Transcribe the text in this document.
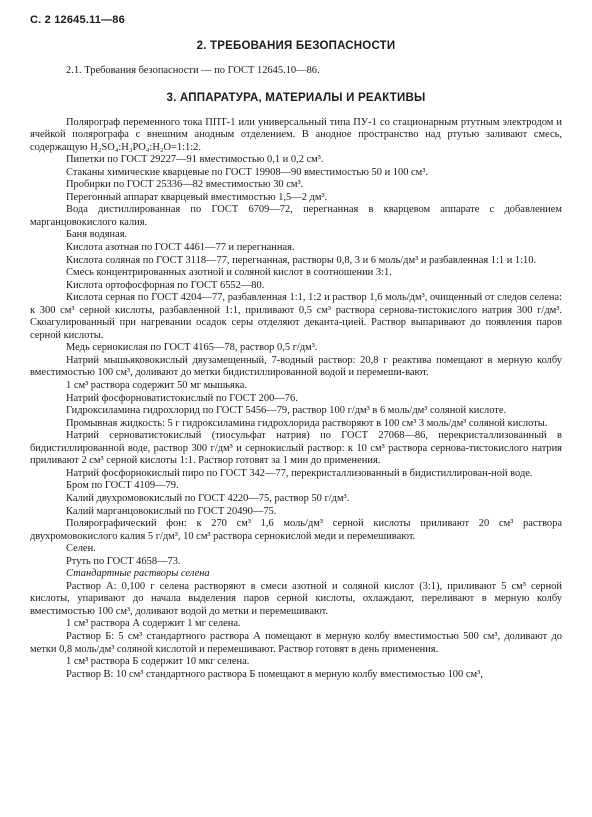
С. 2 12645.11—86
2. ТРЕБОВАНИЯ БЕЗОПАСНОСТИ

2.1. Требования безопасности — по ГОСТ 12645.10—86.

3. АППАРАТУРА, МАТЕРИАЛЫ И РЕАКТИВЫ

Полярограф переменного тока ППТ-1 или универсальный типа ПУ-1 со стационарным ртутным электродом и ячейкой полярографа с внешним анодным отделением. В анодное пространство над ртутью заливают смесь, содержащую H₂SO₄:H₃PO₄:H₂O=1:1:2.

Пипетки по ГОСТ 29227—91 вместимостью 0,1 и 0,2 см³.

Стаканы химические кварцевые по ГОСТ 19908—90 вместимостью 50 и 100 см³.

Пробирки по ГОСТ 25336—82 вместимостью 30 см³.

Перегонный аппарат кварцевый вместимостью 1,5—2 дм³.

Вода дистиллированная по ГОСТ 6709—72, перегнанная в кварцевом аппарате с добавлением марганцовокислого калия.

Баня водяная.

Кислота азотная по ГОСТ 4461—77 и перегнанная.

Кислота соляная по ГОСТ 3118—77, перегнанная, растворы 0,8, 3 и 6 моль/дм³ и разбавленная 1:1 и 1:10.

Смесь концентрированных азотной и соляной кислот в соотношении 3:1.

Кислота ортофосфорная по ГОСТ 6552—80.

Кислота серная по ГОСТ 4204—77, разбавленная 1:1, 1:2 и раствор 1,6 моль/дм³, очищенный от следов селена: к 300 см³ серной кислоты, разбавленной 1:1, приливают 0,5 см³ раствора сернова-тистокислого натрия 300 г/дм³. Скоагулированный при нагревании осадок серы отделяют деканта-цией. Раствор выпаривают до появления паров серной кислоты.

Медь сернокислая по ГОСТ 4165—78, раствор 0,5 г/дм³.

Натрий мышьяковокислый двузамещенный, 7-водный раствор: 20,8 г реактива помещают в мерную колбу вместимостью 100 см³, доливают до метки бидистиллированной водой и перемеши-вают.

1 см³ раствора содержит 50 мг мышьяка.

Натрий фосфорноватистокислый по ГОСТ 200—76.

Гидроксиламина гидрохлорид по ГОСТ 5456—79, раствор 100 г/дм³ в 6 моль/дм³ соляной кислоте.

Промывная жидкость: 5 г гидроксиламина гидрохлорида растворяют в 100 см³ 3 моль/дм³ соляной кислоты.

Натрий серноватистокислый (тиосульфат натрия) по ГОСТ 27068—86, перекристаллизованный в бидистиллированной воде, раствор 300 г/дм³ и сернокислый раствор: к 10 см³ раствора сернова-тистокислого натрия приливают 2 см³ серной кислоты 1:1. Раствор готовят за 1 мин до применения.

Натрий фосфорнокислый пиро по ГОСТ 342—77, перекристаллизованный в бидистиллирован-ной воде.

Бром по ГОСТ 4109—79.

Калий двухромовокислый по ГОСТ 4220—75, раствор 50 г/дм³.

Калий марганцовокислый по ГОСТ 20490—75.

Полярографический фон: к 270 см³ 1,6 моль/дм³ серной кислоты приливают 20 см³ раствора двухромовокислого калия 5 г/дм³, 10 см³ раствора сернокислой меди и перемешивают.

Селен.

Ртуть по ГОСТ 4658—73.

Стандартные растворы селена

Раствор А: 0,100 г селена растворяют в смеси азотной и соляной кислот (3:1), приливают 5 см³ серной кислоты, упаривают до начала выделения паров серной кислоты, охлаждают, переливают в мерную колбу вместимостью 100 см³, доливают водой до метки и перемешивают.

1 см³ раствора А содержит 1 мг селена.

Раствор Б: 5 см³ стандартного раствора А помещают в мерную колбу вместимостью 500 см³, доливают до метки 0,8 моль/дм³ соляной кислотой и перемешивают. Раствор готовят в день применения.

1 см³ раствора Б содержит 10 мкг селена.

Раствор В: 10 см³ стандартного раствора Б помещают в мерную колбу вместимостью 100 см³,
